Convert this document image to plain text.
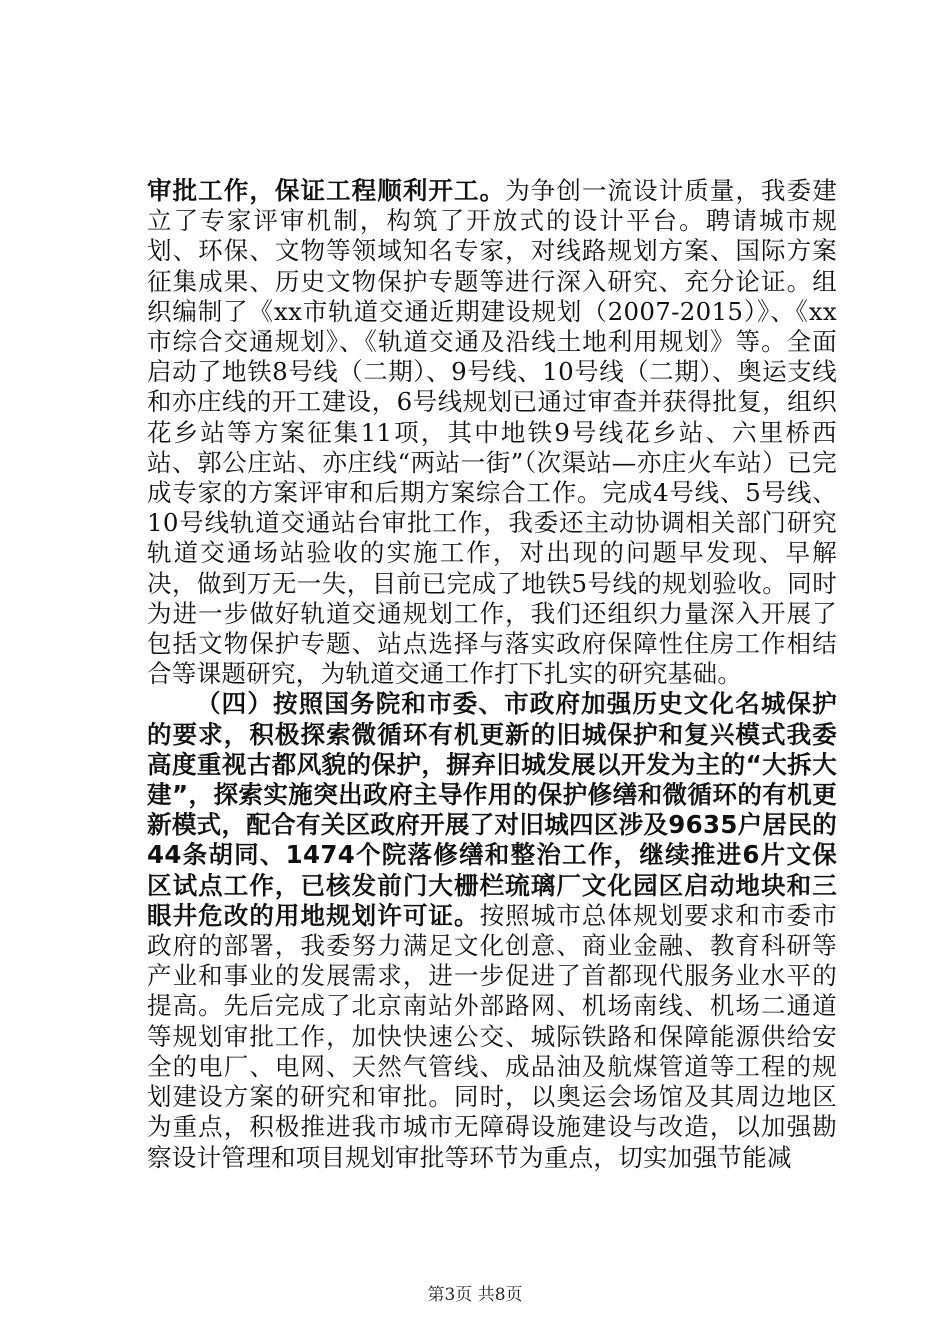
审批工作，保证工程顺利开工。为争创一流设计质量，我委建立了专家评审机制，构筑了开放式的设计平台。聘请城市规划、环保、文物等领域知名专家，对线路规划方案、国际方案征集成果、历史文物保护专题等进行深入研究、充分论证。组织编制了《xx市轨道交通近期建设规划（2007-2015）》、《xx市综合交通规划》、《轨道交通及沿线土地利用规划》等。全面启动了地铁8号线（二期）、9号线、10号线（二期）、奥运支线和亦庄线的开工建设，6号线规划已通过审查并获得批复，组织花乡站等方案征集11项，其中地铁9号线花乡站、六里桥西站、郭公庄站、亦庄线“两站一街”（次渠站—亦庄火车站）已完成专家的方案评审和后期方案综合工作。完成4号线、5号线、10号线轨道交通站台审批工作，我委还主动协调相关部门研究轨道交通场站验收的实施工作，对出现的问题早发现、早解决，做到万无一失，目前已完成了地铁5号线的规划验收。同时为进一步做好轨道交通规划工作，我们还组织力量深入开展了包括文物保护专题、站点选择与落实政府保障性住房工作相结合等课题研究，为轨道交通工作打下扎实的研究基础。

（四）按照国务院和市委、市政府加强历史文化名城保护的要求，积极探索微循环有机更新的旧城保护和复兴模式我委高度重视古都风貌的保护，摒弃旧城发展以开发为主的“大拆大建”，探索实施突出政府主导作用的保护修缮和微循环的有机更新模式，配合有关区政府开展了对旧城四区涉及9635户居民的44条胡同、1474个院落修缮和整治工作，继续推进6片文保区试点工作，已核发前门大栅栏琉璃厂文化园区启动地块和三眼井危改的用地规划许可证。按照城市总体规划要求和市委市政府的部署，我委努力满足文化创意、商业金融、教育科研等产业和事业的发展需求，进一步促进了首都现代服务业水平的提高。先后完成了北京南站外部路网、机场南线、机场二通道等规划审批工作，加快快速公交、城际铁路和保障能源供给安全的电厂、电网、天然气管线、成品油及航煤管道等工程的规划建设方案的研究和审批。同时，以奥运会场馆及其周边地区为重点，积极推进我市城市无障碍设施建设与改造，以加强勘察设计管理和项目规划审批等环节为重点，切实加强节能减

第3页 共8页
